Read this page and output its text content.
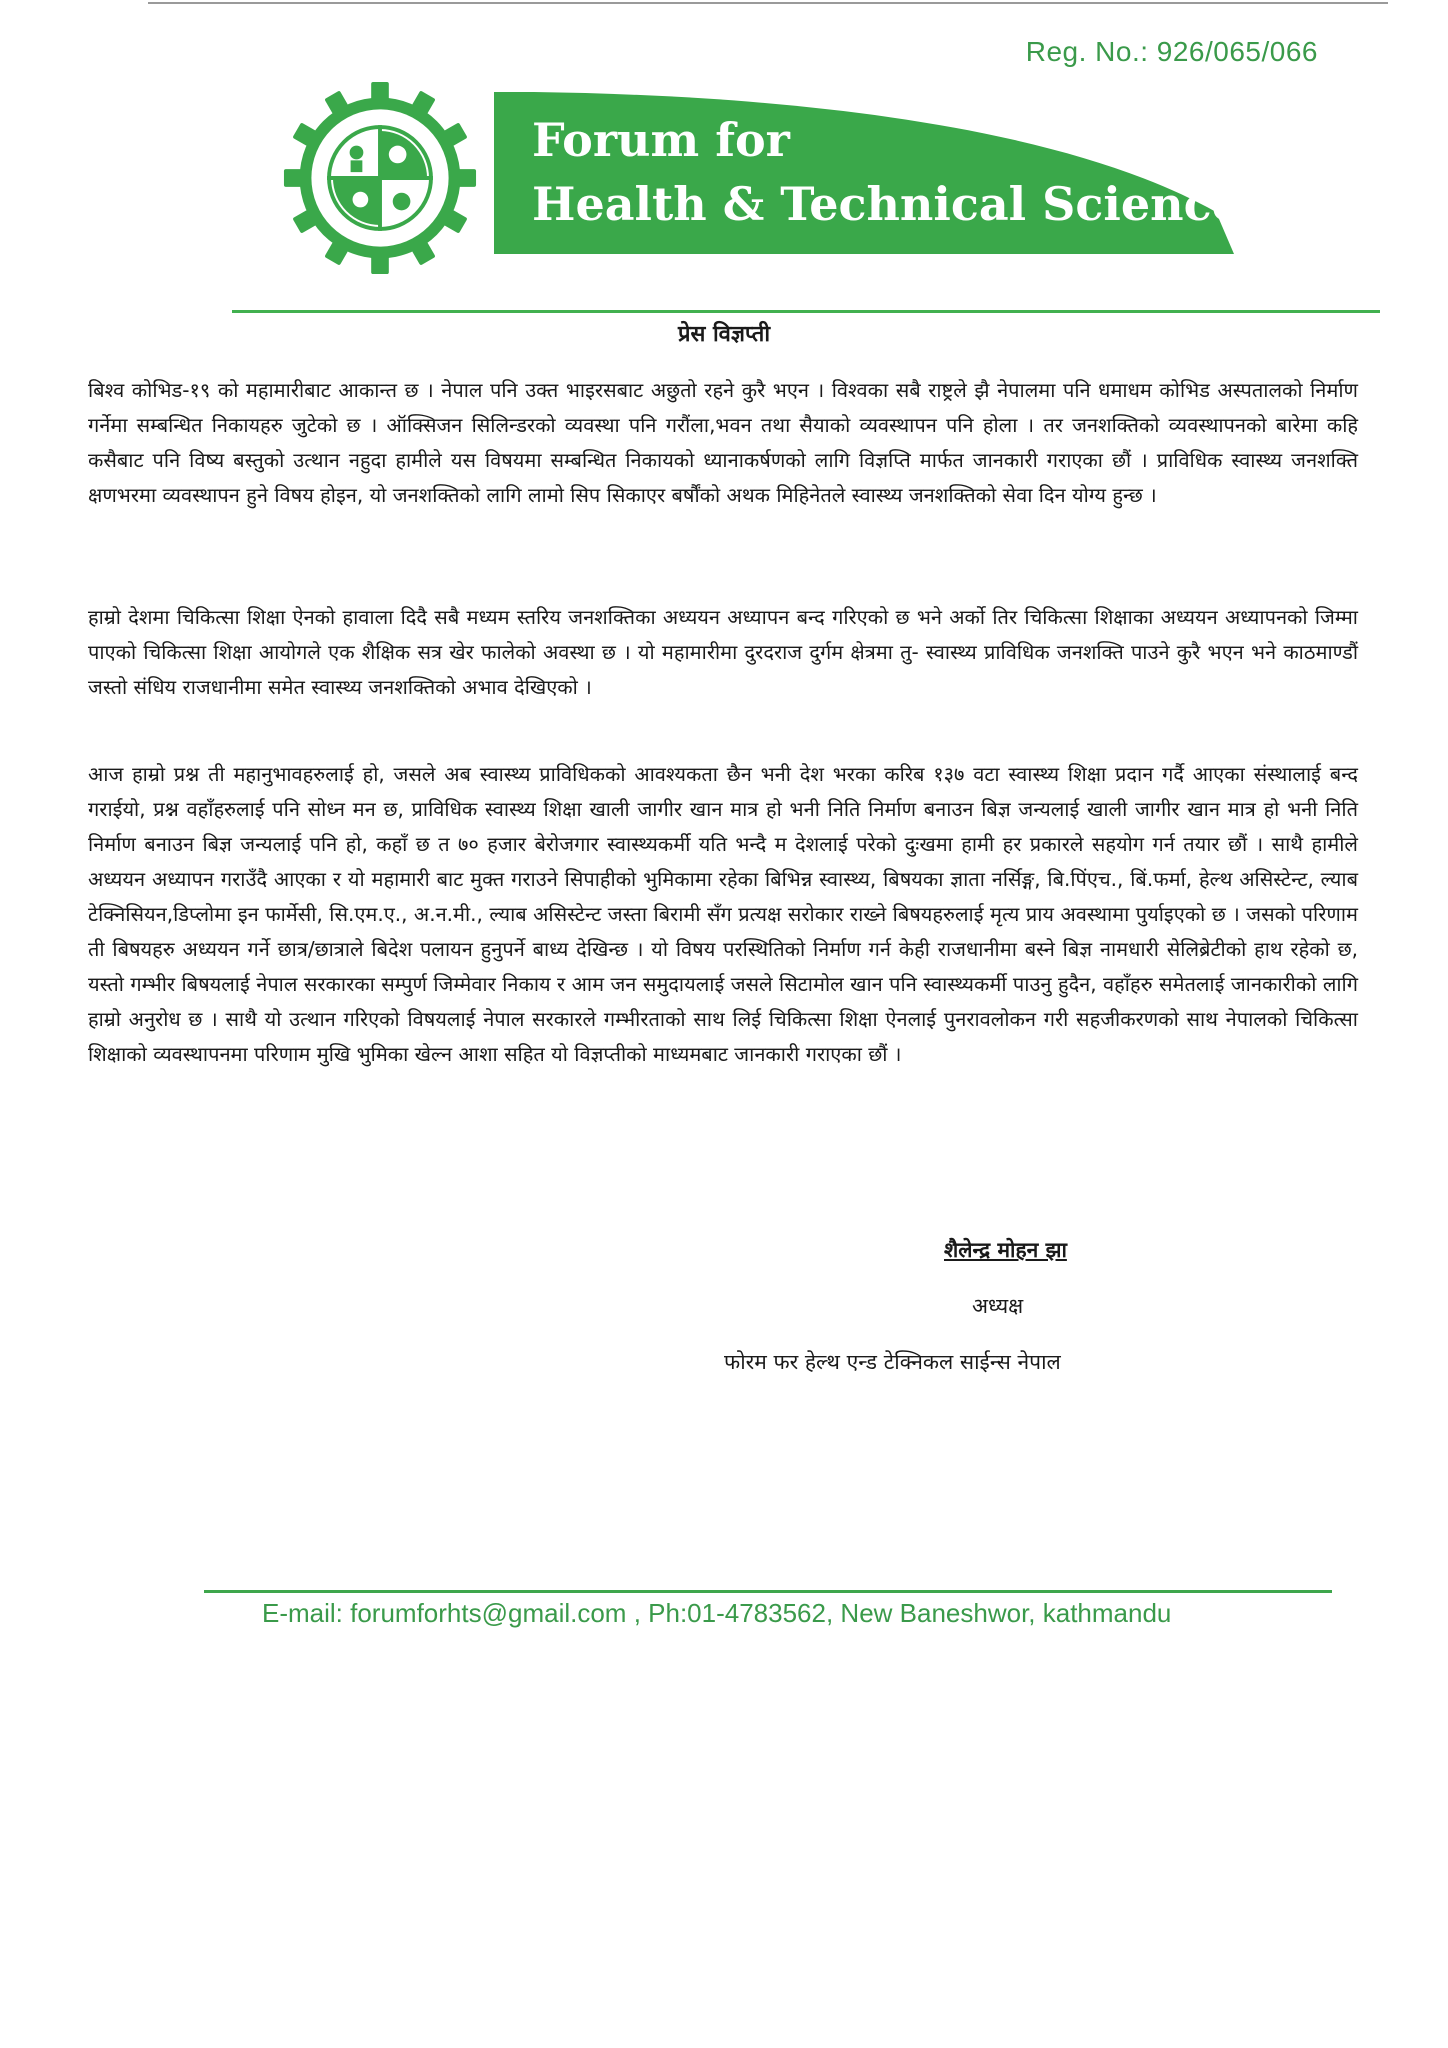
Reg. No.: 926/065/066
Forum for
Health & Technical Science
प्रेस विज्ञप्ती
बिश्व कोभिड-१९ को महामारीबाट आकान्त छ । नेपाल पनि उक्त भाइरसबाट अछुतो रहने कुरै भएन । विश्वका सबै राष्ट्रले झै नेपालमा पनि धमाधम कोभिड अस्पतालको निर्माण गर्नेमा सम्बन्धित निकायहरु जुटेको छ । ऑक्सिजन सिलिन्डरको व्यवस्था पनि गरौंला,भवन तथा सैयाको व्यवस्थापन पनि होला । तर जनशक्तिको व्यवस्थापनको बारेमा कहि कसैबाट पनि विष्य बस्तुको उत्थान नहुदा हामीले यस विषयमा सम्बन्धित निकायको ध्यानाकर्षणको लागि विज्ञप्ति मार्फत जानकारी गराएका छौं । प्राविधिक स्वास्थ्य जनशक्ति क्षणभरमा व्यवस्थापन हुने विषय होइन, यो जनशक्तिको लागि लामो सिप सिकाएर बर्षौंको अथक मिहिनेतले स्वास्थ्य जनशक्तिको सेवा दिन योग्य हुन्छ ।
हाम्रो देशमा चिकित्सा शिक्षा ऐनको हावाला दिदै सबै मध्यम स्तरिय जनशक्तिका अध्ययन अध्यापन बन्द गरिएको छ भने अर्को तिर चिकित्सा शिक्षाका अध्ययन अध्यापनको जिम्मा पाएको चिकित्सा शिक्षा आयोगले एक शैक्षिक सत्र खेर फालेको अवस्था छ । यो महामारीमा दुरदराज दुर्गम क्षेत्रमा तु- स्वास्थ्य प्राविधिक जनशक्ति पाउने कुरै भएन भने काठमाण्डौं जस्तो संधिय राजधानीमा समेत स्वास्थ्य जनशक्तिको अभाव देखिएको ।
आज हाम्रो प्रश्न ती महानुभावहरुलाई हो, जसले अब स्वास्थ्य प्राविधिकको आवश्यकता छैन भनी देश भरका करिब १३७ वटा स्वास्थ्य शिक्षा प्रदान गर्दै आएका संस्थालाई बन्द गराईयो, प्रश्न वहाँहरुलाई पनि सोध्न मन छ, प्राविधिक स्वास्थ्य शिक्षा खाली जागीर खान मात्र हो भनी निति निर्माण बनाउन बिज्ञ जन्यलाई खाली जागीर खान मात्र हो भनी निति निर्माण बनाउन बिज्ञ जन्यलाई पनि हो, कहाँ छ त ७० हजार बेरोजगार स्वास्थ्यकर्मी यति भन्दै म देशलाई परेको दुःखमा हामी हर प्रकारले सहयोग गर्न तयार छौं । साथै हामीले अध्ययन अध्यापन गराउँदै आएका र यो महामारी बाट मुक्त गराउने सिपाहीको भुमिकामा रहेका बिभिन्न स्वास्थ्य, बिषयका ज्ञाता नर्सिङ्ग, बि.पिंएच., बिं.फर्मा, हेल्थ असिस्टेन्ट, ल्याब टेक्निसियन,डिप्लोमा इन फार्मेसी, सि.एम.ए., अ.न.मी., ल्याब असिस्टेन्ट जस्ता बिरामी सँग प्रत्यक्ष सरोकार राख्ने बिषयहरुलाई मृत्य प्राय अवस्थामा पुर्याइएको छ । जसको परिणाम ती बिषयहरु अध्ययन गर्ने छात्र/छात्राले बिदेश पलायन हुनुपर्ने बाध्य देखिन्छ । यो विषय परस्थितिको निर्माण गर्न केही राजधानीमा बस्ने बिज्ञ नामधारी सेलिब्रेटीको हाथ रहेको छ, यस्तो गम्भीर बिषयलाई नेपाल सरकारका सम्पुर्ण जिम्मेवार निकाय र आम जन समुदायलाई जसले सिटामोल खान पनि स्वास्थ्यकर्मी पाउनु हुदैन, वहाँहरु समेतलाई जानकारीको लागि हाम्रो अनुरोध छ । साथै यो उत्थान गरिएको विषयलाई नेपाल सरकारले गम्भीरताको साथ लिई चिकित्सा शिक्षा ऐनलाई पुनरावलोकन गरी सहजीकरणको साथ नेपालको चिकित्सा शिक्षाको व्यवस्थापनमा परिणाम मुखि भुमिका खेल्न आशा सहित यो विज्ञप्तीको माध्यमबाट जानकारी गराएका छौं ।
शैलेन्द्र मोहन झा
अध्यक्ष
फोरम फर हेल्थ एन्ड टेक्निकल साईन्स नेपाल
E-mail: forumforhts@gmail.com , Ph:01-4783562, New Baneshwor, kathmandu
